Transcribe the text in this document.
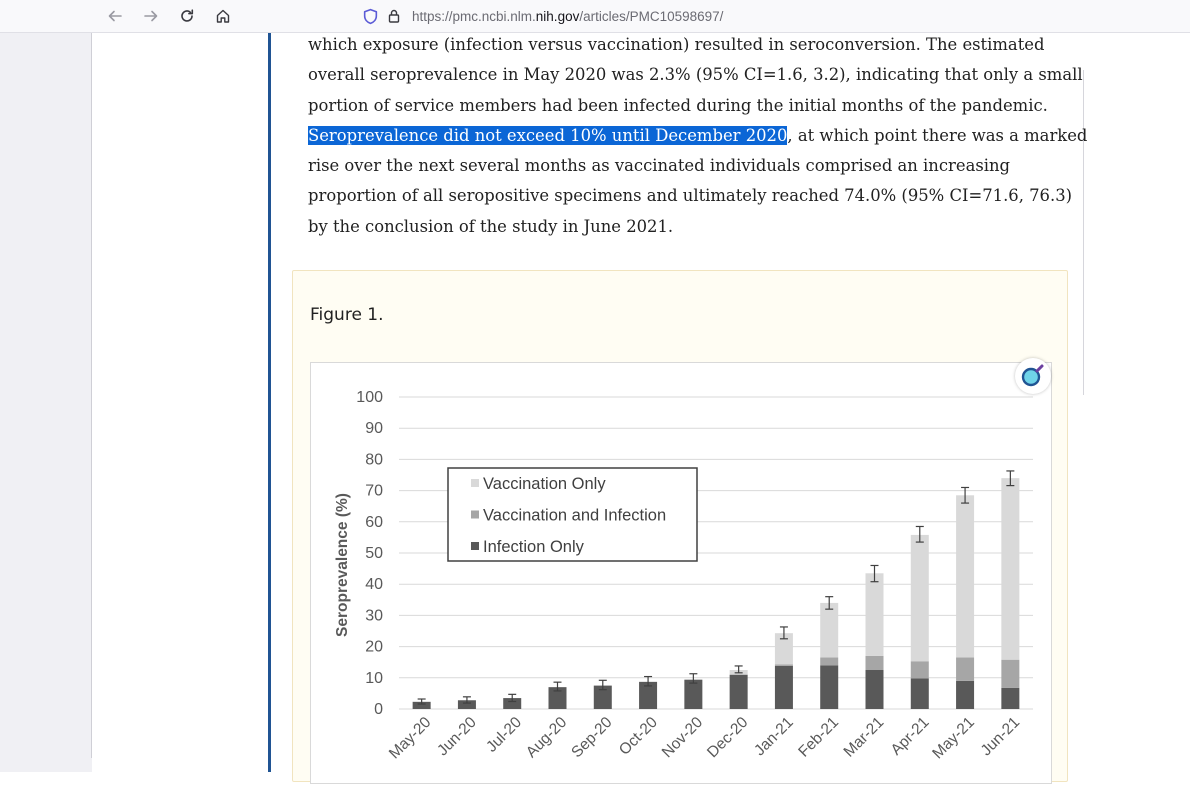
https://pmc.ncbi.nlm.nih.gov/articles/PMC10598697/
which exposure (infection versus vaccination) resulted in seroconversion. The estimated
overall seroprevalence in May 2020 was 2.3% (95% CI=1.6, 3.2), indicating that only a small
portion of service members had been infected during the initial months of the pandemic.
Seroprevalence did not exceed 10% until December 2020, at which point there was a marked
rise over the next several months as vaccinated individuals comprised an increasing
proportion of all seropositive specimens and ultimately reached 74.0% (95% CI=71.6, 76.3)
by the conclusion of the study in June 2021.
Figure 1.
0
10
20
30
40
50
60
70
80
90
100
Seroprevalence (%)
May-20 Jun-20 Jul-20
Aug-20
Sep-20 Oct-20
Nov-20
Dec-20 Jan-21
Feb-21
Mar-21 Apr-21
May-21 Jun-21
Vaccination Only
Vaccination and Infection
Infection Only
